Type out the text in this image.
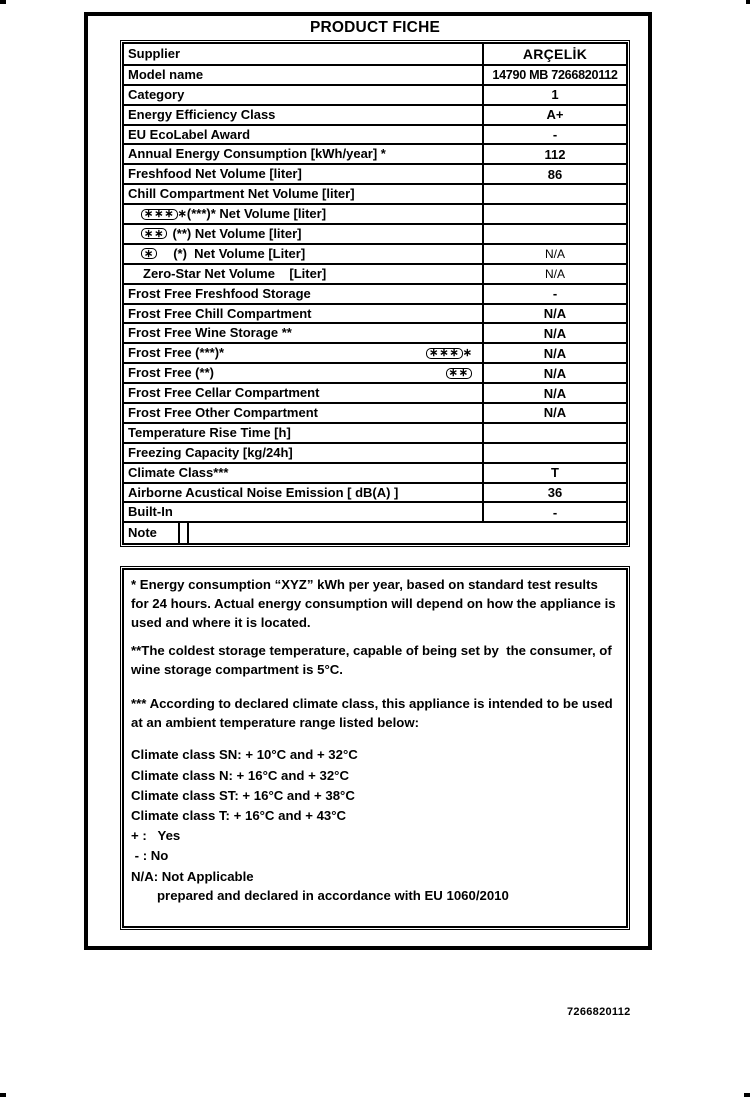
PRODUCT FICHE
Supplier	ARÇELİK
Model name	14790 MB 7266820112
Category	1
Energy Efficiency Class	A+
EU EcoLabel Award	-
Annual Energy Consumption [kWh/year] *	112
Freshfood Net Volume [liter]	86
Chill Compartment Net Volume [liter]
∗∗∗ ∗ (***)* Net Volume [liter]
∗∗ (**) Net Volume [liter]
∗ (*)  Net Volume [Liter]	N/A
Zero-Star Net Volume    [Liter]	N/A
Frost Free Freshfood Storage	-
Frost Free Chill Compartment	N/A
Frost Free Wine Storage **	N/A
Frost Free (***)*	∗∗∗ ∗	N/A
Frost Free (**)	∗∗	N/A
Frost Free Cellar Compartment	N/A
Frost Free Other Compartment	N/A
Temperature Rise Time [h]
Freezing Capacity [kg/24h]
Climate Class***	T
Airborne Acustical Noise Emission [ dB(A) ]	36
Built-In	-
Note
* Energy consumption “XYZ” kWh per year, based on standard test results for 24 hours. Actual energy consumption will depend on how the appliance is used and where it is located.
**The coldest storage temperature, capable of being set by  the consumer, of wine storage compartment is 5°C.
*** According to declared climate class, this appliance is intended to be used at an ambient temperature range listed below:
Climate class SN: + 10°C and + 32°C
Climate class N: + 16°C and + 32°C
Climate class ST: + 16°C and + 38°C
Climate class T: + 16°C and + 43°C
+ :   Yes
- : No
N/A: Not Applicable
prepared and declared in accordance with EU 1060/2010
7266820112
